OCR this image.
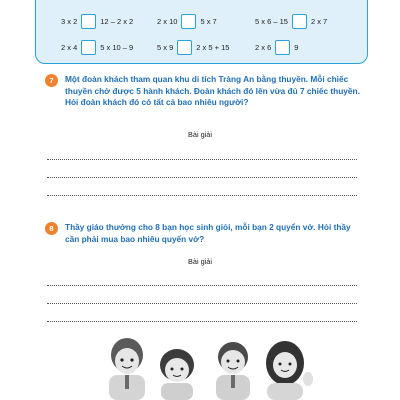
3 x 2	12 – 2 x 2	2 x 10	5 x 7	5 x 6 – 15	2 x 7
2 x 4	5 x 10 – 9	5 x 9	2 x 5 + 15	2 x 6	9
7	Một đoàn khách tham quan khu di tích Tràng An bằng thuyền. Mỗi chiếc thuyền chở được 5 hành khách. Đoàn khách đó lên vừa đủ 7 chiếc thuyền. Hỏi đoàn khách đó có tất cả bao nhiêu người?
Bài giải
8	Thầy giáo thưởng cho 8 bạn học sinh giỏi, mỗi bạn 2 quyển vở. Hỏi thầy cần phải mua bao nhiêu quyển vở?
Bài giải
